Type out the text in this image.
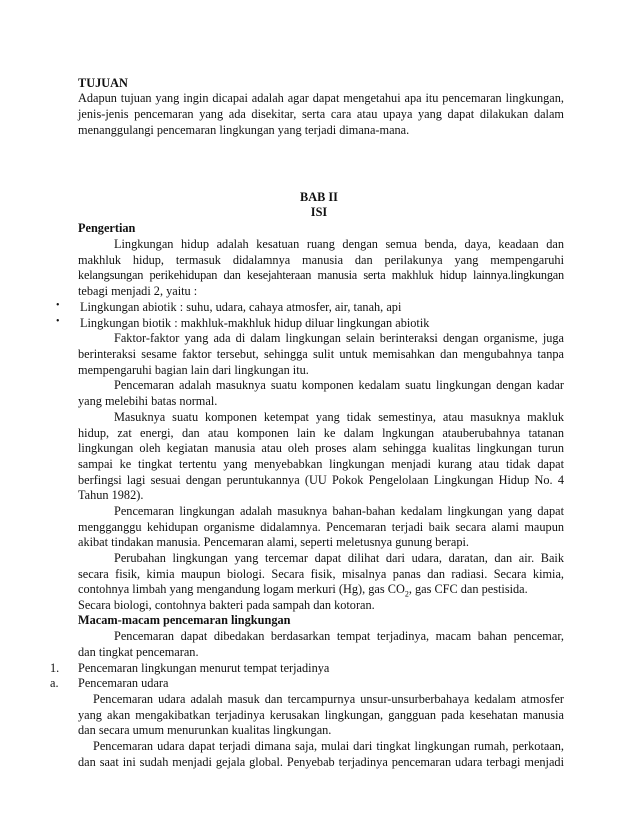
TUJUAN
Adapun tujuan yang ingin dicapai adalah agar dapat mengetahui apa itu pencemaran lingkungan,
jenis-jenis pencemaran yang ada disekitar, serta cara atau upaya yang dapat dilakukan dalam
menanggulangi pencemaran lingkungan yang terjadi dimana-mana.
BAB II
ISI
Pengertian
Lingkungan hidup adalah kesatuan ruang dengan semua benda, daya, keadaan dan
makhluk hidup, termasuk didalamnya manusia dan perilakunya yang mempengaruhi
kelangsungan perikehidupan dan kesejahteraan manusia serta makhluk hidup lainnya.lingkungan
tebagi menjadi 2, yaitu :
• Lingkungan abiotik : suhu, udara, cahaya atmosfer, air, tanah, api
• Lingkungan biotik : makhluk-makhluk hidup diluar lingkungan abiotik
Faktor-faktor yang ada di dalam lingkungan selain berinteraksi dengan organisme, juga
berinteraksi sesame faktor tersebut, sehingga sulit untuk memisahkan dan mengubahnya tanpa
mempengaruhi bagian lain dari lingkungan itu.
Pencemaran adalah masuknya suatu komponen kedalam suatu lingkungan dengan kadar
yang melebihi batas normal.
Masuknya suatu komponen ketempat yang tidak semestinya, atau masuknya makluk
hidup, zat energi, dan atau komponen lain ke dalam lngkungan atauberubahnya tatanan
lingkungan oleh kegiatan manusia atau oleh proses alam sehingga kualitas lingkungan turun
sampai ke tingkat tertentu yang menyebabkan lingkungan menjadi kurang atau tidak dapat
berfingsi lagi sesuai dengan peruntukannya (UU Pokok Pengelolaan Lingkungan Hidup No. 4
Tahun 1982).
Pencemaran lingkungan adalah masuknya bahan-bahan kedalam lingkungan yang dapat
mengganggu kehidupan organisme didalamnya. Pencemaran terjadi baik secara alami maupun
akibat tindakan manusia. Pencemaran alami, seperti meletusnya gunung berapi.
Perubahan lingkungan yang tercemar dapat dilihat dari udara, daratan, dan air. Baik
secara fisik, kimia maupun biologi. Secara fisik, misalnya panas dan radiasi. Secara kimia,
contohnya limbah yang mengandung logam merkuri (Hg), gas $CO_2$, gas CFC dan pestisida.
Secara biologi, contohnya bakteri pada sampah dan kotoran.
Macam-macam pencemaran lingkungan
Pencemaran dapat dibedakan berdasarkan tempat terjadinya, macam bahan pencemar,
dan tingkat pencemaran.
1. Pencemaran lingkungan menurut tempat terjadinya
a. Pencemaran udara
Pencemaran udara adalah masuk dan tercampurnya unsur-unsurberbahaya kedalam atmosfer
yang akan mengakibatkan terjadinya kerusakan lingkungan, gangguan pada kesehatan manusia
dan secara umum menurunkan kualitas lingkungan.
Pencemaran udara dapat terjadi dimana saja, mulai dari tingkat lingkungan rumah, perkotaan,
dan saat ini sudah menjadi gejala global. Penyebab terjadinya pencemaran udara terbagi menjadi
